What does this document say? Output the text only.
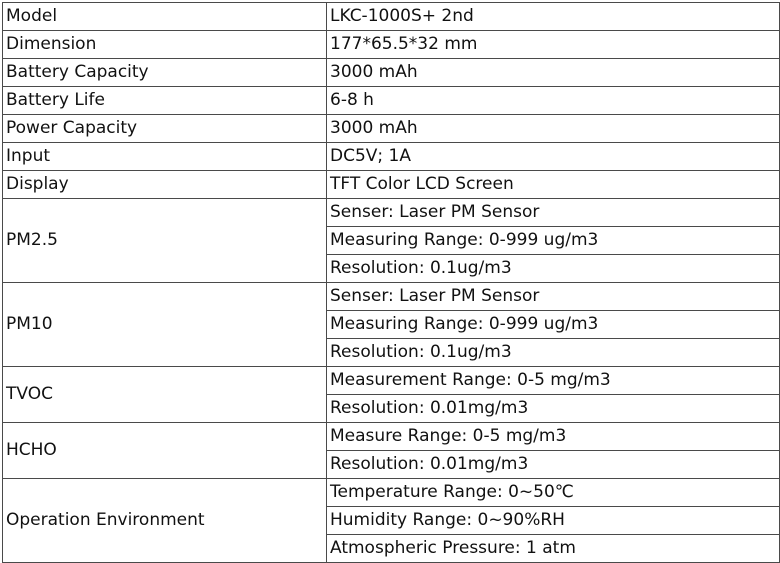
Model	LKC-1000S+ 2nd
Dimension	177*65.5*32 mm
Battery Capacity	3000 mAh
Battery Life	6-8 h
Power Capacity	3000 mAh
Input	DC5V; 1A
Display	TFT Color LCD Screen
PM2.5	Senser: Laser PM Sensor
	Measuring Range: 0-999 ug/m3
	Resolution: 0.1ug/m3
PM10	Senser: Laser PM Sensor
	Measuring Range: 0-999 ug/m3
	Resolution: 0.1ug/m3
TVOC	Measurement Range: 0-5 mg/m3
	Resolution: 0.01mg/m3
HCHO	Measure Range: 0-5 mg/m3
	Resolution: 0.01mg/m3
Operation Environment	Temperature Range: 0~50℃
	Humidity Range: 0~90%RH
	Atmospheric Pressure: 1 atm
